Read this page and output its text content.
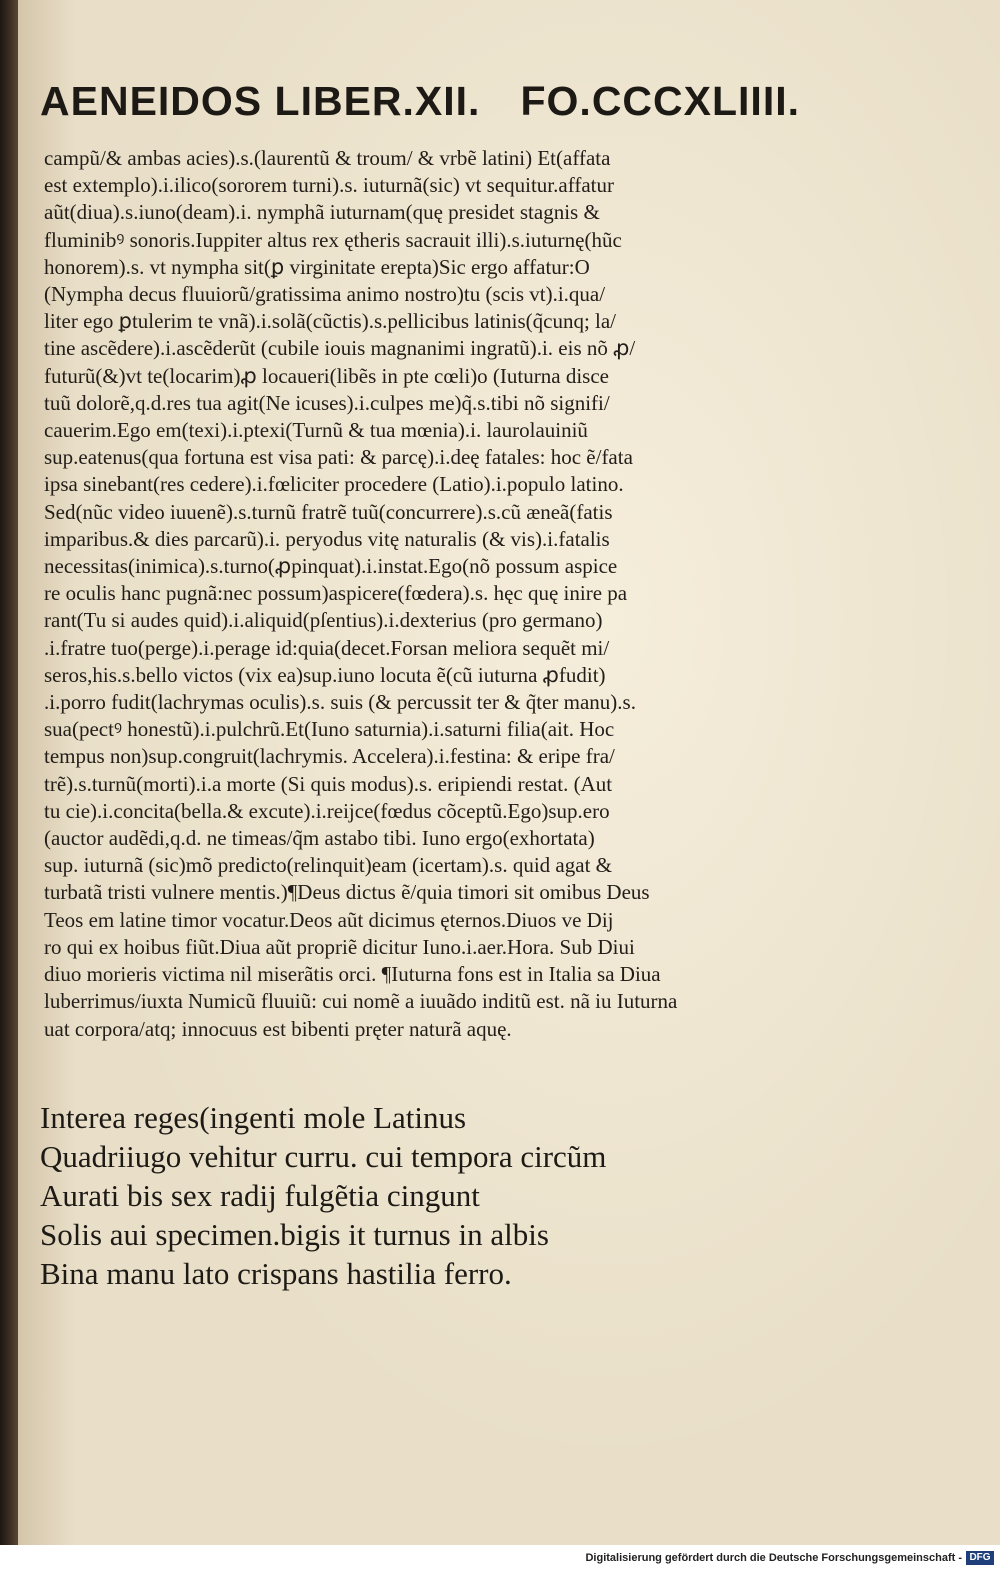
AENEIDOS LIBER.XII. FO.CCCXLIIII.
campũ/& ambas acies).s.(laurentũ & troum/ & vrbẽ latini) Et(affata
est extemplo).i.ilico(sororem turni).s. iuturnã(sic) vt sequitur.affatur
aũt(diua).s.iuno(deam).i. nymphã iuturnam(quę presidet stagnis &
fluminibꝰ sonoris.Iuppiter altus rex ętheris sacrauit illi).s.iuturnę(hũc
honorem).s. vt nympha sit(ꝑ virginitate erepta)Sic ergo affatur:O
(Nympha decus fluuiorũ/gratissima animo nostro)tu (scis vt).i.qua/
liter ego ꝑtulerim te vnã).i.solã(cũctis).s.pellicibus latinis(q̃cunq; la/
tine ascẽdere).i.ascẽderũt (cubile iouis magnanimi ingratũ).i. eis nõ ꝓ/
futurũ(&)vt te(locarim)ꝓ locaueri(libẽs in pte cœli)o (Iuturna disce
tuũ dolorẽ,q.d.res tua agit(Ne icuses).i.culpes me)q̃.s.tibi nõ signifi/
cauerim.Ego em(texi).i.ptexi(Turnũ & tua mœnia).i. laurolauiniũ
sup.eatenus(qua fortuna est visa pati: & parcę).i.deę fatales: hoc ẽ/fata
ipsa sinebant(res cedere).i.fœliciter procedere (Latio).i.populo latino.
Sed(nũc video iuuenẽ).s.turnũ fratrẽ tuũ(concurrere).s.cũ æneã(fatis
imparibus.& dies parcarũ).i. peryodus vitę naturalis (& vis).i.fatalis
necessitas(inimica).s.turno(ꝓpinquat).i.instat.Ego(nõ possum aspice
re oculis hanc pugnã:nec possum)aspicere(fœdera).s. hęc quę inire pa
rant(Tu si audes quid).i.aliquid(pſentius).i.dexterius (pro germano)
.i.fratre tuo(perge).i.perage id:quia(decet.Forsan meliora sequẽt mi/
seros,his.s.bello victos (vix ea)sup.iuno locuta ẽ(cũ iuturna ꝓfudit)
.i.porro fudit(lachrymas oculis).s. suis (& percussit ter & q̃ter manu).s.
sua(pectꝰ honestũ).i.pulchrũ.Et(Iuno saturnia).i.saturni filia(ait. Hoc
tempus non)sup.congruit(lachrymis. Accelera).i.festina: & eripe fra/
trẽ).s.turnũ(morti).i.a morte (Si quis modus).s. eripiendi restat. (Aut
tu cie).i.concita(bella.& excute).i.reijce(fœdus cõceptũ.Ego)sup.ero
(auctor audẽdi,q.d. ne timeas/q̃m astabo tibi. Iuno ergo(exhortata)
sup. iuturnã (sic)mõ predicto(relinquit)eam (icertam).s. quid agat &
turbatã tristi vulnere mentis.)¶Deus dictus ẽ/quia timori sit omibus Deus
Teos em latine timor vocatur.Deos aũt dicimus ęternos.Diuos ve Dij
ro qui ex hoibus fiũt.Diua aũt propriẽ dicitur Iuno.i.aer.Hora. Sub Diui
diuo morieris victima nil miserãtis orci. ¶Iuturna fons est in Italia sa Diua
luberrimus/iuxta Numicũ fluuiũ: cui nomẽ a iuuãdo inditũ est. nã iu Iuturna
uat corpora/atq; innocuus est bibenti pręter naturã aquę.
Interea reges(ingenti mole Latinus
Quadriiugo vehitur curru. cui tempora circũm
Aurati bis sex radij fulgẽtia cingunt
Solis aui specimen.bigis it turnus in albis
Bina manu lato crispans hastilia ferro.
Digitalisierung gefördert durch die Deutsche Forschungsgemeinschaft - DFG
